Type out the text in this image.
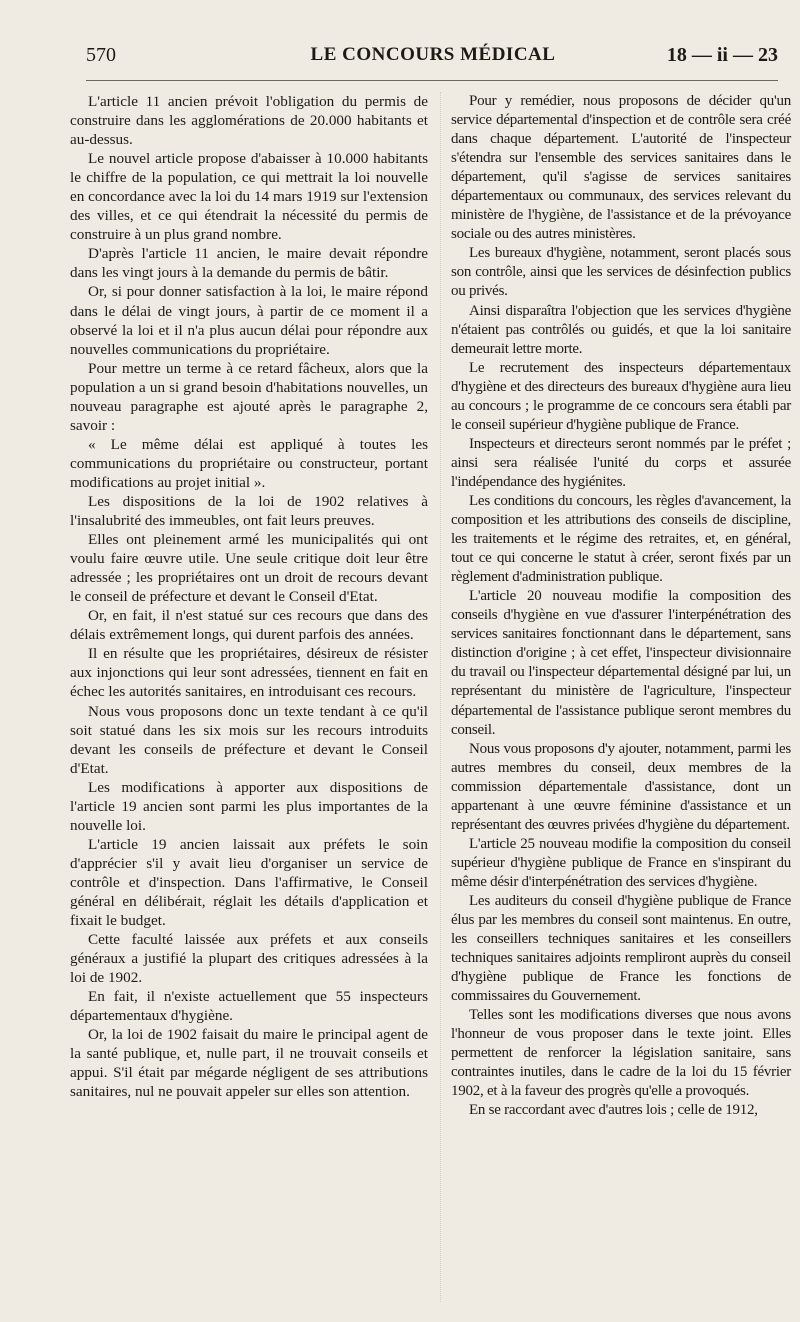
570	LE CONCOURS MÉDICAL	18 — ii — 23

L'article 11 ancien prévoit l'obligation du permis de construire dans les agglomérations de 20.000 habitants et au-dessus.

Le nouvel article propose d'abaisser à 10.000 habitants le chiffre de la population, ce qui mettrait la loi nouvelle en concordance avec la loi du 14 mars 1919 sur l'extension des villes, et ce qui étendrait la nécessité du permis de construire à un plus grand nombre.

D'après l'article 11 ancien, le maire devait répondre dans les vingt jours à la demande du permis de bâtir.

Or, si pour donner satisfaction à la loi, le maire répond dans le délai de vingt jours, à partir de ce moment il a observé la loi et il n'a plus aucun délai pour répondre aux nouvelles communications du propriétaire.

Pour mettre un terme à ce retard fâcheux, alors que la population a un si grand besoin d'habitations nouvelles, un nouveau paragraphe est ajouté après le paragraphe 2, savoir :

« Le même délai est appliqué à toutes les communications du propriétaire ou constructeur, portant modifications au projet initial ».

Les dispositions de la loi de 1902 relatives à l'insalubrité des immeubles, ont fait leurs preuves.

Elles ont pleinement armé les municipalités qui ont voulu faire œuvre utile. Une seule critique doit leur être adressée ; les propriétaires ont un droit de recours devant le conseil de préfecture et devant le Conseil d'Etat.

Or, en fait, il n'est statué sur ces recours que dans des délais extrêmement longs, qui durent parfois des années.

Il en résulte que les propriétaires, désireux de résister aux injonctions qui leur sont adressées, tiennent en fait en échec les autorités sanitaires, en introduisant ces recours.

Nous vous proposons donc un texte tendant à ce qu'il soit statué dans les six mois sur les recours introduits devant les conseils de préfecture et devant le Conseil d'Etat.

Les modifications à apporter aux dispositions de l'article 19 ancien sont parmi les plus importantes de la nouvelle loi.

L'article 19 ancien laissait aux préfets le soin d'apprécier s'il y avait lieu d'organiser un service de contrôle et d'inspection. Dans l'affirmative, le Conseil général en délibérait, réglait les détails d'application et fixait le budget.

Cette faculté laissée aux préfets et aux conseils généraux a justifié la plupart des critiques adressées à la loi de 1902.

En fait, il n'existe actuellement que 55 inspecteurs départementaux d'hygiène.

Or, la loi de 1902 faisait du maire le principal agent de la santé publique, et, nulle part, il ne trouvait conseils et appui. S'il était par mégarde négligent de ses attributions sanitaires, nul ne pouvait appeler sur elles son attention.

Pour y remédier, nous proposons de décider qu'un service départemental d'inspection et de contrôle sera créé dans chaque département. L'autorité de l'inspecteur s'étendra sur l'ensemble des services sanitaires dans le département, qu'il s'agisse de services sanitaires départementaux ou communaux, des services relevant du ministère de l'hygiène, de l'assistance et de la prévoyance sociale ou des autres ministères.

Les bureaux d'hygiène, notamment, seront placés sous son contrôle, ainsi que les services de désinfection publics ou privés.

Ainsi disparaîtra l'objection que les services d'hygiène n'étaient pas contrôlés ou guidés, et que la loi sanitaire demeurait lettre morte.

Le recrutement des inspecteurs départementaux d'hygiène et des directeurs des bureaux d'hygiène aura lieu au concours ; le programme de ce concours sera établi par le conseil supérieur d'hygiène publique de France.

Inspecteurs et directeurs seront nommés par le préfet ; ainsi sera réalisée l'unité du corps et assurée l'indépendance des hygiénites.

Les conditions du concours, les règles d'avancement, la composition et les attributions des conseils de discipline, les traitements et le régime des retraites, et, en général, tout ce qui concerne le statut à créer, seront fixés par un règlement d'administration publique.

L'article 20 nouveau modifie la composition des conseils d'hygiène en vue d'assurer l'interpénétration des services sanitaires fonctionnant dans le département, sans distinction d'origine ; à cet effet, l'inspecteur divisionnaire du travail ou l'inspecteur départemental désigné par lui, un représentant du ministère de l'agriculture, l'inspecteur départemental de l'assistance publique seront membres du conseil.

Nous vous proposons d'y ajouter, notamment, parmi les autres membres du conseil, deux membres de la commission départementale d'assistance, dont un appartenant à une œuvre féminine d'assistance et un représentant des œuvres privées d'hygiène du département.

L'article 25 nouveau modifie la composition du conseil supérieur d'hygiène publique de France en s'inspirant du même désir d'interpénétration des services d'hygiène.

Les auditeurs du conseil d'hygiène publique de France élus par les membres du conseil sont maintenus. En outre, les conseillers techniques sanitaires et les conseillers techniques sanitaires adjoints rempliront auprès du conseil d'hygiène publique de France les fonctions de commissaires du Gouvernement.

Telles sont les modifications diverses que nous avons l'honneur de vous proposer dans le texte joint. Elles permettent de renforcer la législation sanitaire, sans contraintes inutiles, dans le cadre de la loi du 15 février 1902, et à la faveur des progrès qu'elle a provoqués.

En se raccordant avec d'autres lois ; celle de 1912,
